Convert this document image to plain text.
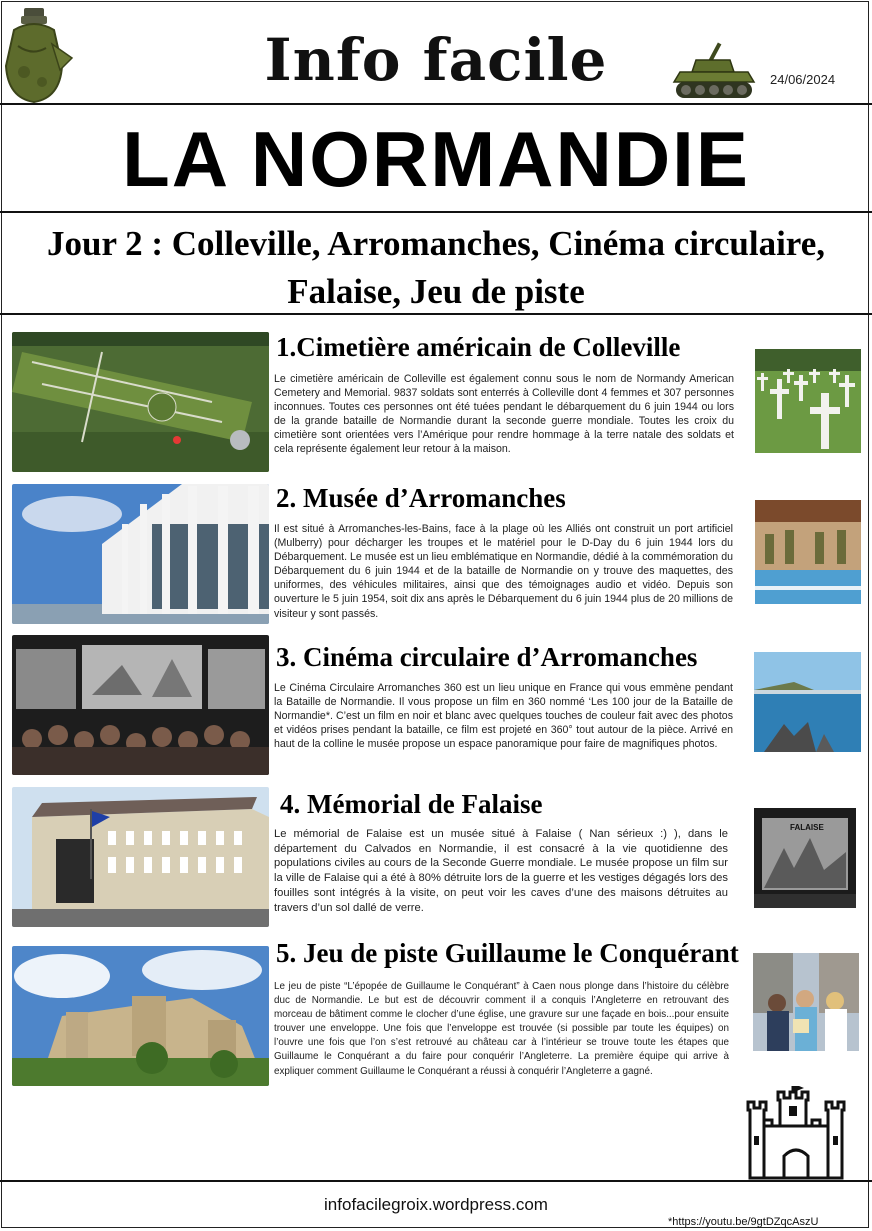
Info facile	24/06/2024
LA NORMANDIE
Jour 2 : Colleville, Arromanches, Cinéma circulaire,
Falaise, Jeu de piste
1.Cimetière américain de Colleville
Le cimetière américain de Colleville est également connu sous le nom de Normandy American Cemetery and Memorial. 9837 soldats sont enterrés à Colleville dont 4 femmes et 307 personnes inconnues. Toutes ces personnes ont été tuées pendant le débarquement du 6 juin 1944 ou lors de la grande bataille de Normandie durant la seconde guerre mondiale. Toutes les croix du cimetière sont orientées vers l’Amérique pour rendre hommage à la terre natale des soldats et cela représente également leur retour à la maison.
2. Musée d’Arromanches
Il est situé à Arromanches-les-Bains, face à la plage où les Alliés ont construit un port artificiel (Mulberry) pour décharger les troupes et le matériel pour le D-Day du 6 juin 1944 lors du Débarquement. Le musée est un lieu emblématique en Normandie, dédié à la commémoration du Débarquement du 6 juin 1944 et de la bataille de Normandie on y trouve des maquettes, des uniformes, des véhicules militaires, ainsi que des témoignages audio et vidéo. Depuis son ouverture le 5 juin 1954, soit dix ans après le Débarquement du 6 juin 1944 plus de 20 millions de visiteur y sont passés.
3. Cinéma circulaire d’Arromanches
Le Cinéma Circulaire Arromanches 360 est un lieu unique en France qui vous emmène pendant la Bataille de Normandie. Il vous propose un film en 360 nommé ‘Les 100 jour de la Bataille de Normandie*. C’est un film en noir et blanc avec quelques touches de couleur fait avec des photos et vidéos prises pendant la bataille, ce film est projeté en 360° tout autour de la pièce. Arrivé en haut de la colline le musée propose un espace panoramique pour faire de magnifiques photos.
4. Mémorial de Falaise
Le mémorial de Falaise est un musée situé à Falaise ( Nan sérieux :) ), dans le département du Calvados en Normandie, il est consacré à la vie quotidienne des populations civiles au cours de la Seconde Guerre mondiale. Le musée propose un film sur la ville de Falaise qui a été à 80% détruite lors de la guerre et les vestiges dégagés lors des fouilles sont intégrés à la visite, on peut voir les caves d’une des maisons détruites au travers d’un sol dallé de verre.
FALAISE
5. Jeu de piste Guillaume le Conquérant
Le jeu de piste “L’épopée de Guillaume le Conquérant” à Caen nous plonge dans l’histoire du célèbre duc de Normandie. Le but est de découvrir comment il a conquis l’Angleterre en retrouvant des morceau de bâtiment comme le clocher d’une église, une gravure sur une façade en bois...pour ensuite trouver une enveloppe. Une fois que l’enveloppe est trouvée (si possible par toute les équipes) on l’ouvre une fois que l’on s’est retrouvé au château car à l’intérieur se trouve toute les étapes que Guillaume le Conquérant a du faire pour conquérir l’Angleterre. La première équipe qui arrive à expliquer comment Guillaume le Conquérant a réussi à conquérir l’Angleterre a gagné.
infofacilegroix.wordpress.com
*https://youtu.be/9gtDZqcAszU
